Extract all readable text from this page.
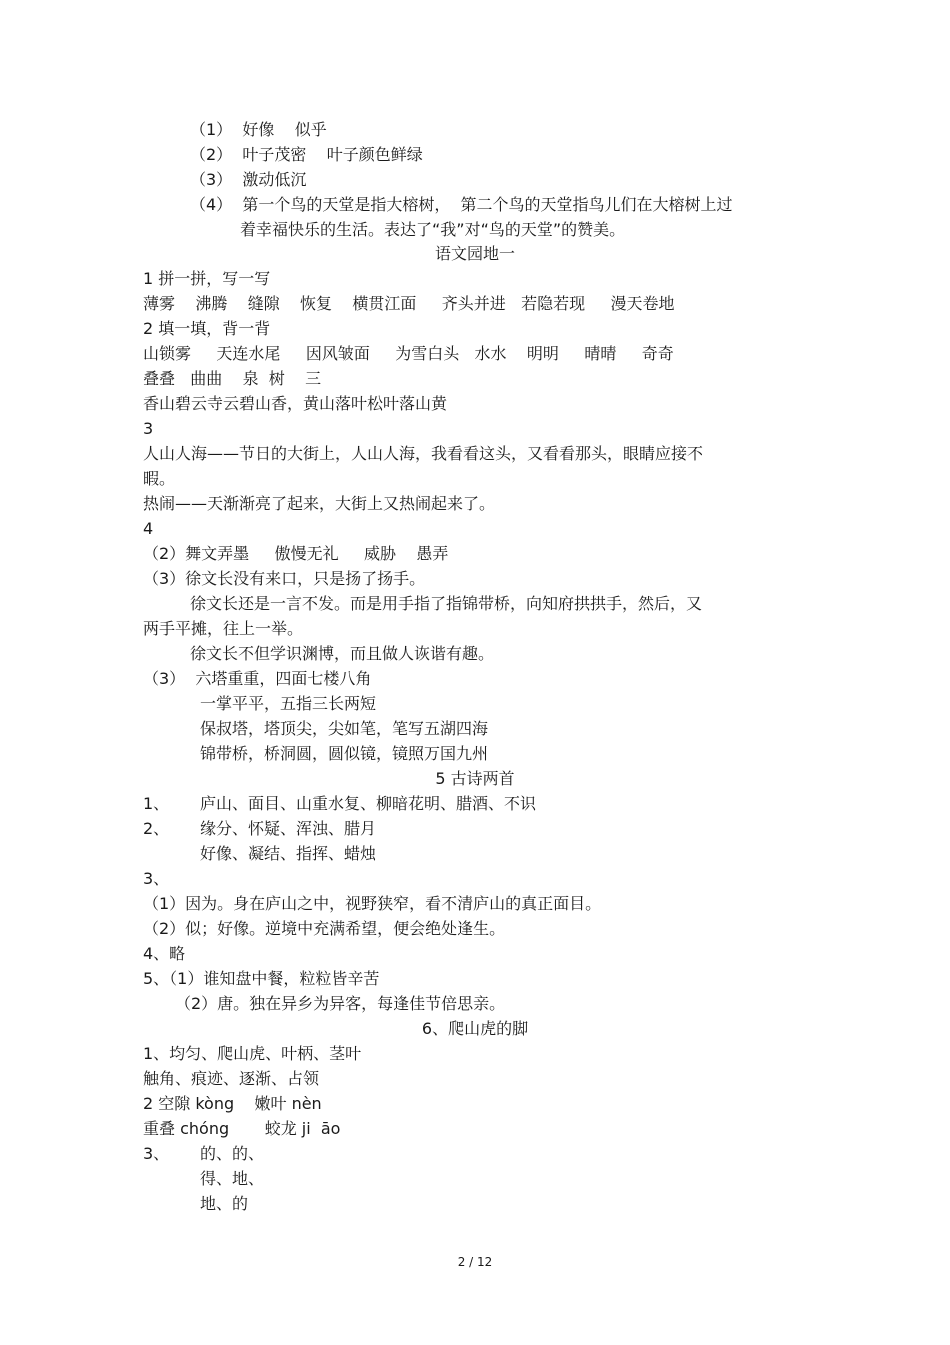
（1）  好像    似乎
（2）  叶子茂密    叶子颜色鲜绿
（3）  激动低沉
（4）  第一个鸟的天堂是指大榕树，  第二个鸟的天堂指鸟儿们在大榕树上过
着幸福快乐的生活。表达了“我”对“鸟的天堂”的赞美。
语文园地一
1 拼一拼，写一写
薄雾    沸腾    缝隙    恢复    横贯江面     齐头并进   若隐若现     漫天卷地
2 填一填，背一背
山锁雾     天连水尾     因风皱面     为雪白头   水水    明明     晴晴     奇奇
叠叠   曲曲    泉  树    三
香山碧云寺云碧山香，黄山落叶松叶落山黄
3
人山人海——节日的大街上，人山人海，我看看这头，又看看那头，眼睛应接不
暇。
热闹——天渐渐亮了起来，大街上又热闹起来了。
4
（2）舞文弄墨     傲慢无礼     威胁    愚弄
（3）徐文长没有来口，只是扬了扬手。
徐文长还是一言不发。而是用手指了指锦带桥，向知府拱拱手，然后，又
两手平摊，往上一举。
徐文长不但学识渊博，而且做人诙谐有趣。
（3）  六塔重重，四面七楼八角
一掌平平，五指三长两短
保叔塔，塔顶尖，尖如笔，笔写五湖四海
锦带桥，桥洞圆，圆似镜，镜照万国九州
5 古诗两首
1、 庐山、面目、山重水复、柳暗花明、腊酒、不识
2、 缘分、怀疑、浑浊、腊月
好像、凝结、指挥、蜡烛
3、
（1）因为。身在庐山之中，视野狭窄，看不清庐山的真正面目。
（2）似；好像。逆境中充满希望，便会绝处逢生。
4、略
5、（1）谁知盘中餐，粒粒皆辛苦
（2）唐。独在异乡为异客，每逢佳节倍思亲。
6、爬山虎的脚
1、均匀、爬山虎、叶柄、茎叶
触角、痕迹、逐渐、占领
2 空隙 kòng    嫩叶 nèn
重叠 chóng       蛟龙 ji  āo
3、 的、的、
得、地、
地、的
2 / 12
